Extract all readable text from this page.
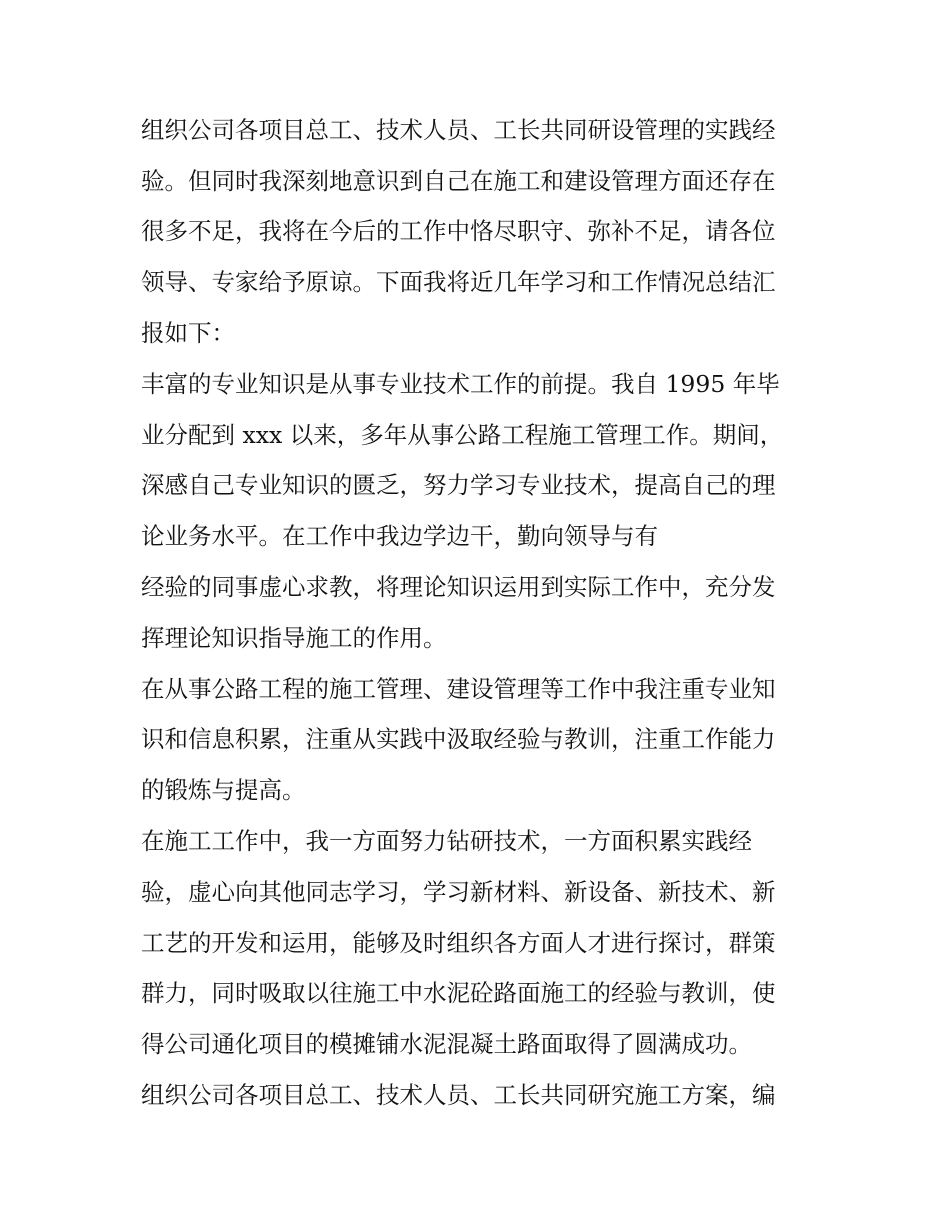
组织公司各项目总工、技术人员、工长共同研设管理的实践经
验。但同时我深刻地意识到自己在施工和建设管理方面还存在
很多不足，我将在今后的工作中恪尽职守、弥补不足，请各位
领导、专家给予原谅。下面我将近几年学习和工作情况总结汇
报如下：
丰富的专业知识是从事专业技术工作的前提。我自 1995 年毕
业分配到 xxx 以来，多年从事公路工程施工管理工作。期间，
深感自己专业知识的匮乏，努力学习专业技术，提高自己的理
论业务水平。在工作中我边学边干，勤向领导与有
经验的同事虚心求教，将理论知识运用到实际工作中，充分发
挥理论知识指导施工的作用。
在从事公路工程的施工管理、建设管理等工作中我注重专业知
识和信息积累，注重从实践中汲取经验与教训，注重工作能力
的锻炼与提高。
在施工工作中，我一方面努力钻研技术，一方面积累实践经
验，虚心向其他同志学习，学习新材料、新设备、新技术、新
工艺的开发和运用，能够及时组织各方面人才进行探讨，群策
群力，同时吸取以往施工中水泥砼路面施工的经验与教训，使
得公司通化项目的模摊铺水泥混凝土路面取得了圆满成功。
组织公司各项目总工、技术人员、工长共同研究施工方案，编
